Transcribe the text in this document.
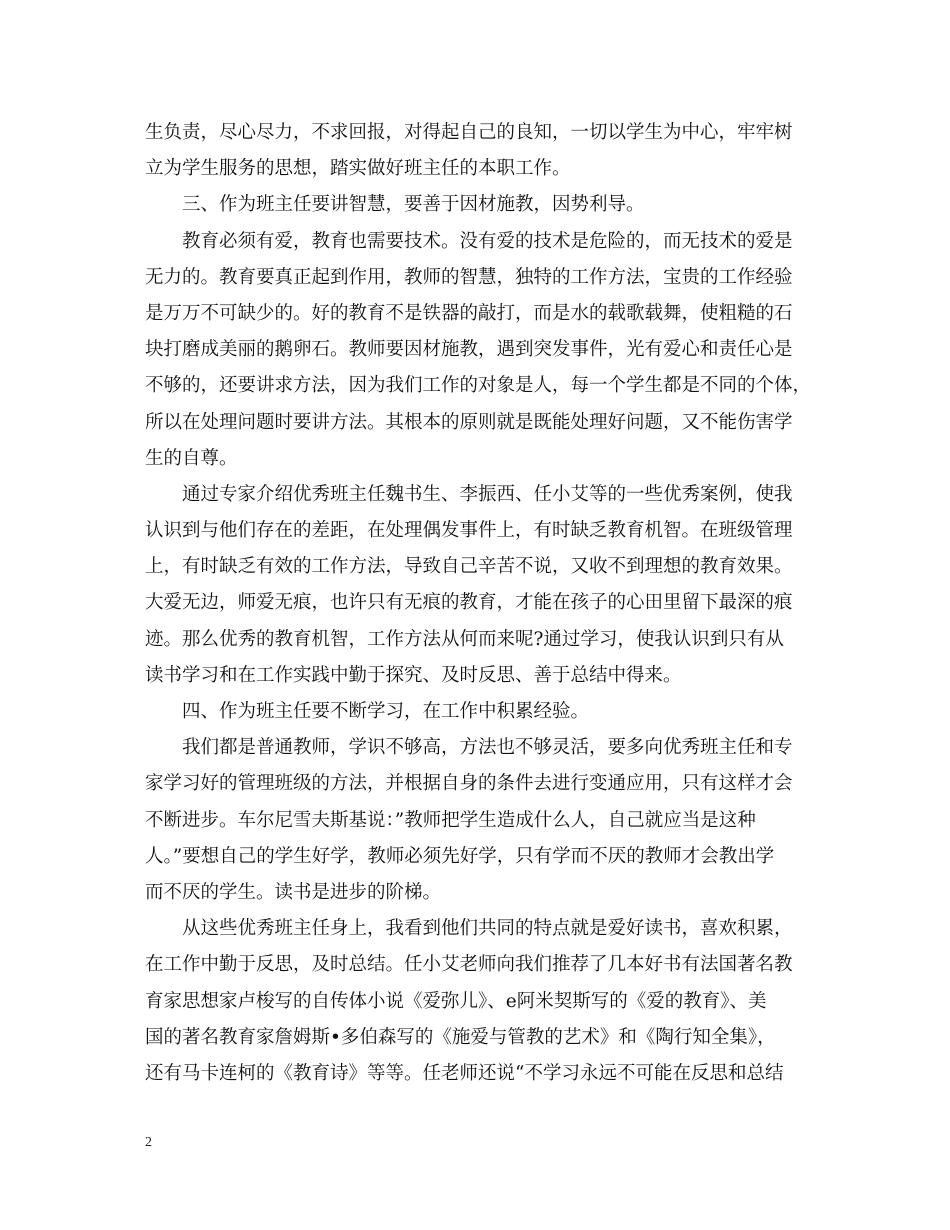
生负责，尽心尽力，不求回报，对得起自己的良知，一切以学生为中心，牢牢树
立为学生服务的思想，踏实做好班主任的本职工作。
三、作为班主任要讲智慧，要善于因材施教，因势利导。
教育必须有爱，教育也需要技术。没有爱的技术是危险的，而无技术的爱是
无力的。教育要真正起到作用，教师的智慧，独特的工作方法，宝贵的工作经验
是万万不可缺少的。好的教育不是铁器的敲打，而是水的载歌载舞，使粗糙的石
块打磨成美丽的鹅卵石。教师要因材施教，遇到突发事件，光有爱心和责任心是
不够的，还要讲求方法，因为我们工作的对象是人，每一个学生都是不同的个体，
所以在处理问题时要讲方法。其根本的原则就是既能处理好问题，又不能伤害学
生的自尊。
通过专家介绍优秀班主任魏书生、李振西、任小艾等的一些优秀案例，使我
认识到与他们存在的差距，在处理偶发事件上，有时缺乏教育机智。在班级管理
上，有时缺乏有效的工作方法，导致自己辛苦不说，又收不到理想的教育效果。
大爱无边，师爱无痕，也许只有无痕的教育，才能在孩子的心田里留下最深的痕
迹。那么优秀的教育机智，工作方法从何而来呢?通过学习，使我认识到只有从
读书学习和在工作实践中勤于探究、及时反思、善于总结中得来。
四、作为班主任要不断学习，在工作中积累经验。
我们都是普通教师，学识不够高，方法也不够灵活，要多向优秀班主任和专
家学习好的管理班级的方法，并根据自身的条件去进行变通应用，只有这样才会
不断进步。车尔尼雪夫斯基说：”教师把学生造成什么人，自己就应当是这种
人。”要想自己的学生好学，教师必须先好学，只有学而不厌的教师才会教出学
而不厌的学生。读书是进步的阶梯。
从这些优秀班主任身上，我看到他们共同的特点就是爱好读书，喜欢积累，
在工作中勤于反思，及时总结。任小艾老师向我们推荐了几本好书有法国著名教
育家思想家卢梭写的自传体小说《爱弥儿》、e阿米契斯写的《爱的教育》、美
国的著名教育家詹姆斯•多伯森写的《施爱与管教的艺术》和《陶行知全集》，
还有马卡连柯的《教育诗》等等。任老师还说“不学习永远不可能在反思和总结
2
